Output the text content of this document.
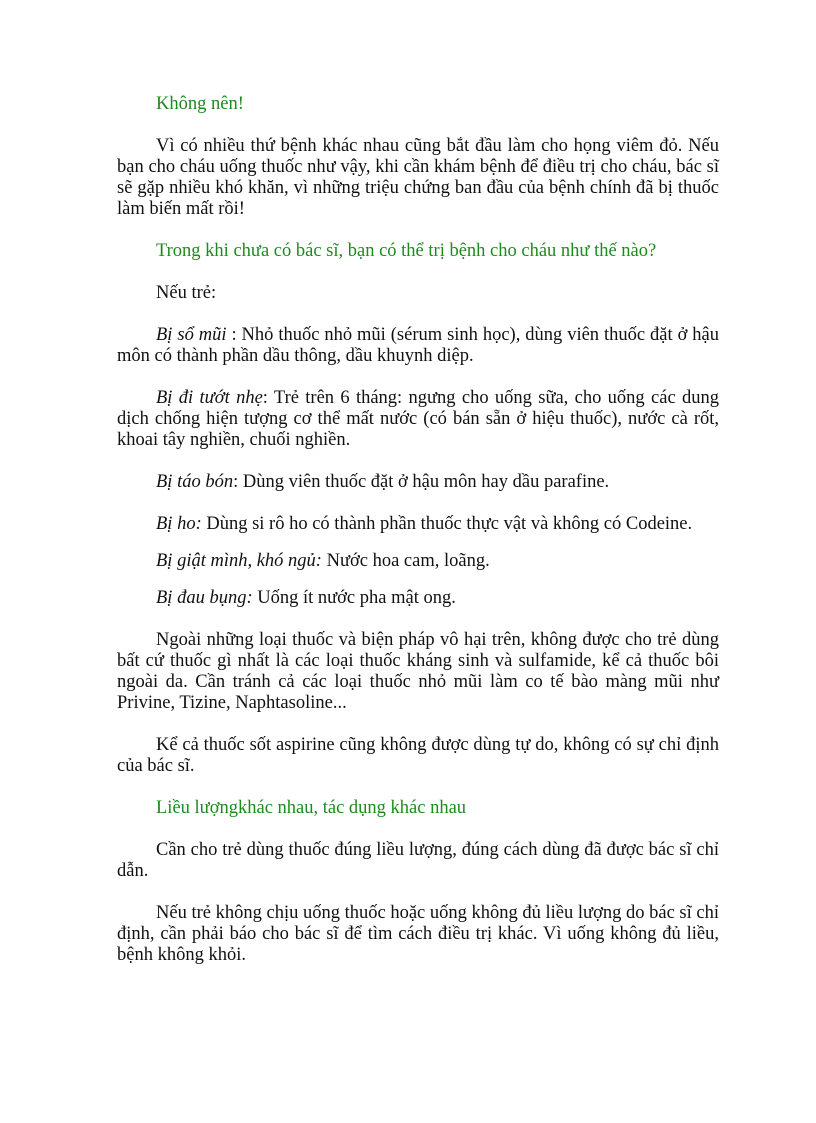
Không nên!

Vì có nhiều thứ bệnh khác nhau cũng bắt đầu làm cho họng viêm đỏ. Nếu bạn cho cháu uống thuốc như vậy, khi cần khám bệnh để điều trị cho cháu, bác sĩ sẽ gặp nhiều khó khăn, vì những triệu chứng ban đầu của bệnh chính đã bị thuốc làm biến mất rồi!

Trong khi chưa có bác sĩ, bạn có thể trị bệnh cho cháu như thế nào?

Nếu trẻ:

Bị sổ mũi : Nhỏ thuốc nhỏ mũi (sérum sinh học), dùng viên thuốc đặt ở hậu môn có thành phần dầu thông, dầu khuynh diệp.

Bị đi tướt nhẹ: Trẻ trên 6 tháng: ngưng cho uống sữa, cho uống các dung dịch chống hiện tượng cơ thể mất nước (có bán sẵn ở hiệu thuốc), nước cà rốt, khoai tây nghiền, chuối nghiền.

Bị táo bón: Dùng viên thuốc đặt ở hậu môn hay dầu parafine.

Bị ho: Dùng si rô ho có thành phần thuốc thực vật và không có Codeine.

Bị giật mình, khó ngủ: Nước hoa cam, loãng.

Bị đau bụng: Uống ít nước pha mật ong.

Ngoài những loại thuốc và biện pháp vô hại trên, không được cho trẻ dùng bất cứ thuốc gì nhất là các loại thuốc kháng sinh và sulfamide, kể cả thuốc bôi ngoài da. Cần tránh cả các loại thuốc nhỏ mũi làm co tế bào màng mũi như Privine, Tizine, Naphtasoline...

Kể cả thuốc sốt aspirine cũng không được dùng tự do, không có sự chỉ định của bác sĩ.

Liều lượngkhác nhau, tác dụng khác nhau

Cần cho trẻ dùng thuốc đúng liều lượng, đúng cách dùng đã được bác sĩ chỉ dẫn.

Nếu trẻ không chịu uống thuốc hoặc uống không đủ liều lượng do bác sĩ chỉ định, cần phải báo cho bác sĩ để tìm cách điều trị khác. Vì uống không đủ liều, bệnh không khỏi.
